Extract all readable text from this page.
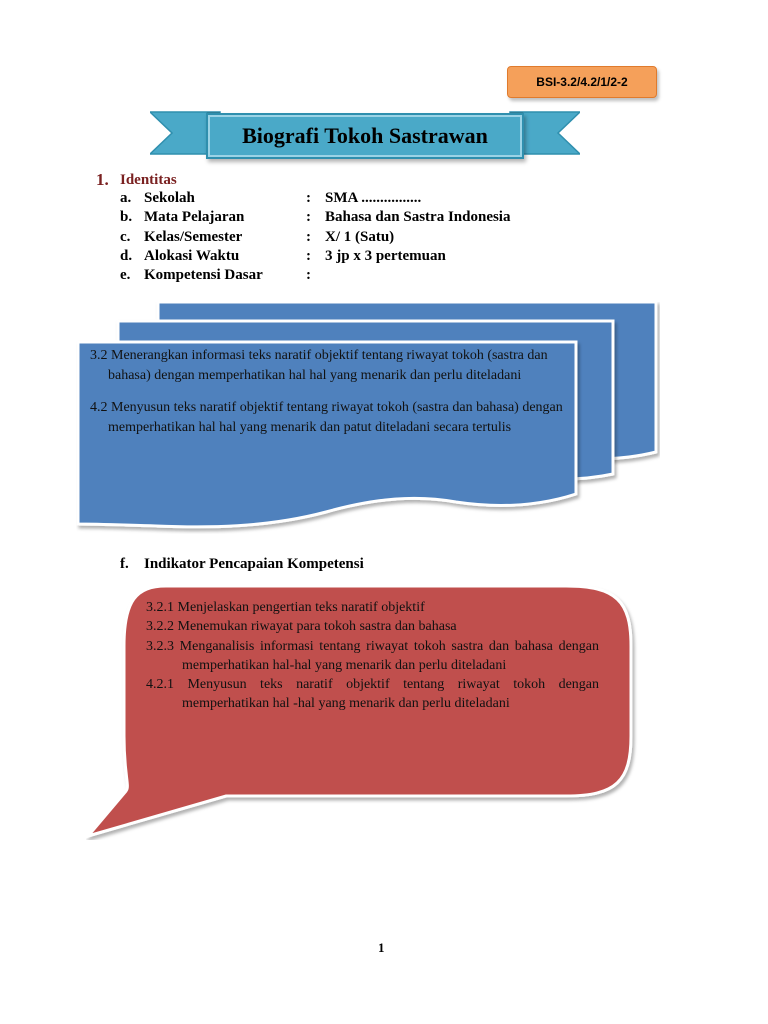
BSI-3.2/4.2/1/2-2
Biografi Tokoh Sastrawan
1. Identitas
a. Sekolah	: SMA ................
b. Mata Pelajaran	: Bahasa dan Sastra Indonesia
c. Kelas/Semester	: X/ 1 (Satu)
d. Alokasi Waktu	: 3 jp x 3 pertemuan
e. Kompetensi Dasar	:

3.2 Menerangkan informasi teks naratif objektif tentang riwayat tokoh (sastra dan bahasa) dengan memperhatikan hal hal yang menarik dan perlu diteladani

4.2 Menyusun teks naratif objektif tentang riwayat tokoh (sastra dan bahasa) dengan memperhatikan hal hal yang menarik dan patut diteladani secara tertulis

f. Indikator Pencapaian Kompetensi
3.2.1 Menjelaskan pengertian teks naratif objektif
3.2.2 Menemukan riwayat para tokoh sastra dan bahasa
3.2.3 Menganalisis informasi tentang riwayat tokoh sastra dan bahasa dengan memperhatikan hal-hal yang menarik dan perlu diteladani
4.2.1 Menyusun teks naratif objektif tentang riwayat tokoh dengan memperhatikan hal -hal yang menarik dan perlu diteladani
1
